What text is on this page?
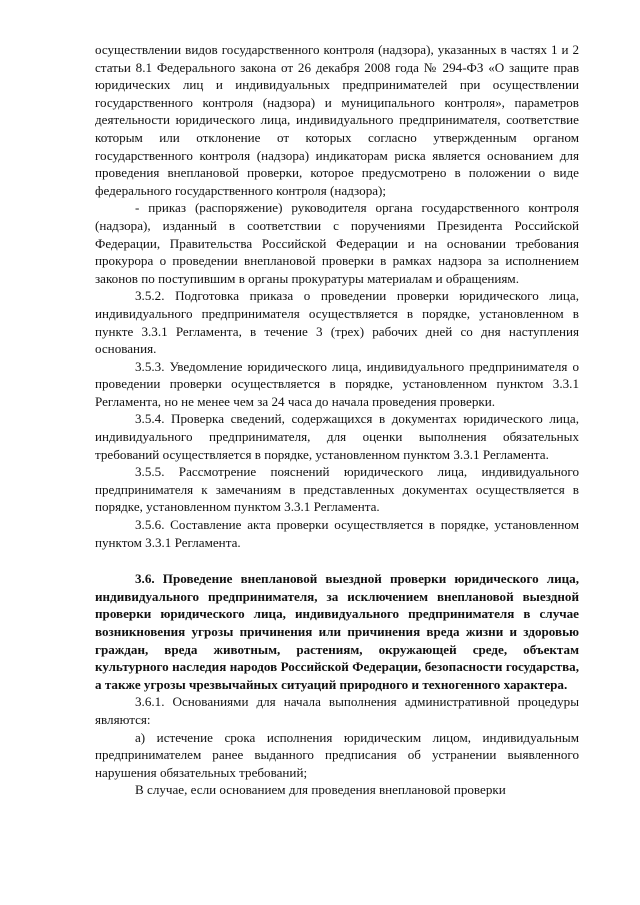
осуществлении видов государственного контроля (надзора), указанных в частях 1 и 2 статьи 8.1 Федерального закона от 26 декабря 2008 года № 294-ФЗ «О защите прав юридических лиц и индивидуальных предпринимателей при осуществлении государственного контроля (надзора) и муниципального контроля», параметров деятельности юридического лица, индивидуального предпринимателя, соответствие которым или отклонение от которых согласно утвержденным органом государственного контроля (надзора) индикаторам риска является основанием для проведения внеплановой проверки, которое предусмотрено в положении о виде федерального государственного контроля (надзора);

- приказ (распоряжение) руководителя органа государственного контроля (надзора), изданный в соответствии с поручениями Президента Российской Федерации, Правительства Российской Федерации и на основании требования прокурора о проведении внеплановой проверки в рамках надзора за исполнением законов по поступившим в органы прокуратуры материалам и обращениям.

3.5.2. Подготовка приказа о проведении проверки юридического лица, индивидуального предпринимателя осуществляется в порядке, установленном в пункте 3.3.1 Регламента, в течение 3 (трех) рабочих дней со дня наступления основания.

3.5.3. Уведомление юридического лица, индивидуального предпринимателя о проведении проверки осуществляется в порядке, установленном пунктом 3.3.1 Регламента, но не менее чем за 24 часа до начала проведения проверки.

3.5.4. Проверка сведений, содержащихся в документах юридического лица, индивидуального предпринимателя, для оценки выполнения обязательных требований осуществляется в порядке, установленном пунктом 3.3.1 Регламента.

3.5.5. Рассмотрение пояснений юридического лица, индивидуального предпринимателя к замечаниям в представленных документах осуществляется в порядке, установленном пунктом 3.3.1 Регламента.

3.5.6. Составление акта проверки осуществляется в порядке, установленном пунктом 3.3.1 Регламента.

3.6. Проведение внеплановой выездной проверки юридического лица, индивидуального предпринимателя, за исключением внеплановой выездной проверки юридического лица, индивидуального предпринимателя в случае возникновения угрозы причинения или причинения вреда жизни и здоровью граждан, вреда животным, растениям, окружающей среде, объектам культурного наследия народов Российской Федерации, безопасности государства, а также угрозы чрезвычайных ситуаций природного и техногенного характера.

3.6.1. Основаниями для начала выполнения административной процедуры являются:

а) истечение срока исполнения юридическим лицом, индивидуальным предпринимателем ранее выданного предписания об устранении выявленного нарушения обязательных требований;

В случае, если основанием для проведения внеплановой проверки
